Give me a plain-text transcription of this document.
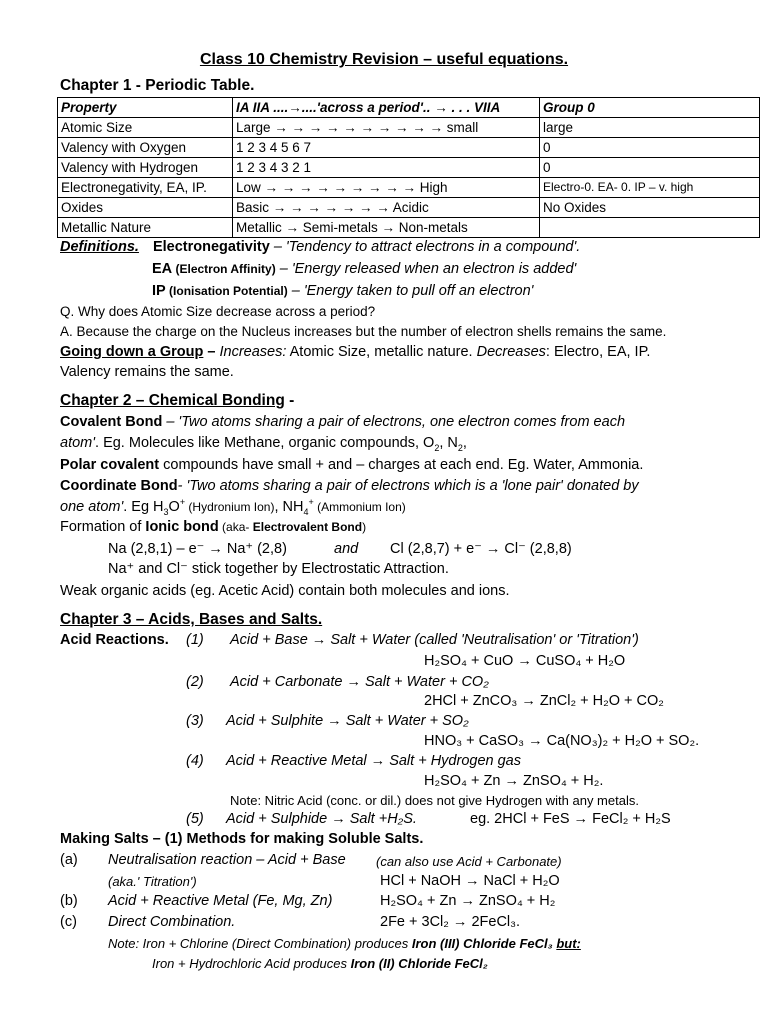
Class 10 Chemistry Revision – useful equations.
Chapter 1 - Periodic Table.
Property	IA IIA ....→....'across a period'.. → . . . VIIA	Group 0
Atomic Size	Large → → → → → → → → → → small	large
Valency with Oxygen	1 2 3 4 5 6 7	0
Valency with Hydrogen	1 2 3 4 3 2 1	0
Electronegativity, EA, IP.	Low → → → → → → → → → High	Electro-0. EA- 0. IP – v. high
Oxides	Basic → → → → → → → Acidic	No Oxides
Metallic Nature	Metallic → Semi-metals → Non-metals	
Definitions. Electronegativity – 'Tendency to attract electrons in a compound'.
EA (Electron Affinity) – 'Energy released when an electron is added'
IP (Ionisation Potential) – 'Energy taken to pull off an electron'
Q. Why does Atomic Size decrease across a period?
A. Because the charge on the Nucleus increases but the number of electron shells remains the same.
Going down a Group – Increases: Atomic Size, metallic nature. Decreases: Electro, EA, IP.
Valency remains the same.
Chapter 2 – Chemical Bonding -
Covalent Bond – 'Two atoms sharing a pair of electrons, one electron comes from each
atom'. Eg. Molecules like Methane, organic compounds, $O_2$, $N_2$,
Polar covalent compounds have small + and – charges at each end. Eg. Water, Ammonia.
Coordinate Bond- 'Two atoms sharing a pair of electrons which is a 'lone pair' donated by
one atom'. Eg $H_3O^+$ (Hydronium Ion), $NH_4^+$ (Ammonium Ion)
Formation of Ionic bond (aka- Electrovalent Bond)
Na (2,8,1) – e⁻ → Na⁺ (2,8)	and Cl (2,8,7) + e⁻ → Cl⁻ (2,8,8)
Na⁺ and Cl⁻ stick together by Electrostatic Attraction.
Weak organic acids (eg. Acetic Acid) contain both molecules and ions.
Chapter 3 – Acids, Bases and Salts.
Acid Reactions. (1) Acid + Base → Salt + Water (called 'Neutralisation' or 'Titration')
H₂SO₄ + CuO → CuSO₄ + H₂O
(2) Acid + Carbonate → Salt + Water + CO₂
2HCl + ZnCO₃ → ZnCl₂ + H₂O + CO₂
(3) Acid + Sulphite → Salt + Water + SO₂
HNO₃ + CaSO₃ → Ca(NO₃)₂ + H₂O + SO₂.
(4) Acid + Reactive Metal → Salt + Hydrogen gas
H₂SO₄ + Zn → ZnSO₄ + H₂.
Note: Nitric Acid (conc. or dil.) does not give Hydrogen with any metals.
(5) Acid + Sulphide → Salt +H₂S.	eg. 2HCl + FeS → FeCl₂ + H₂S
Making Salts – (1) Methods for making Soluble Salts.
(a) Neutralisation reaction – Acid + Base (can also use Acid + Carbonate)
(aka.' Titration')	HCl + NaOH → NaCl + H₂O
(b) Acid + Reactive Metal (Fe, Mg, Zn)	H₂SO₄ + Zn → ZnSO₄ + H₂
(c) Direct Combination.	2Fe + 3Cl₂ → 2FeCl₃.
Note: Iron + Chlorine (Direct Combination) produces Iron (III) Chloride FeCl₃ but:
Iron + Hydrochloric Acid produces Iron (II) Chloride FeCl₂
